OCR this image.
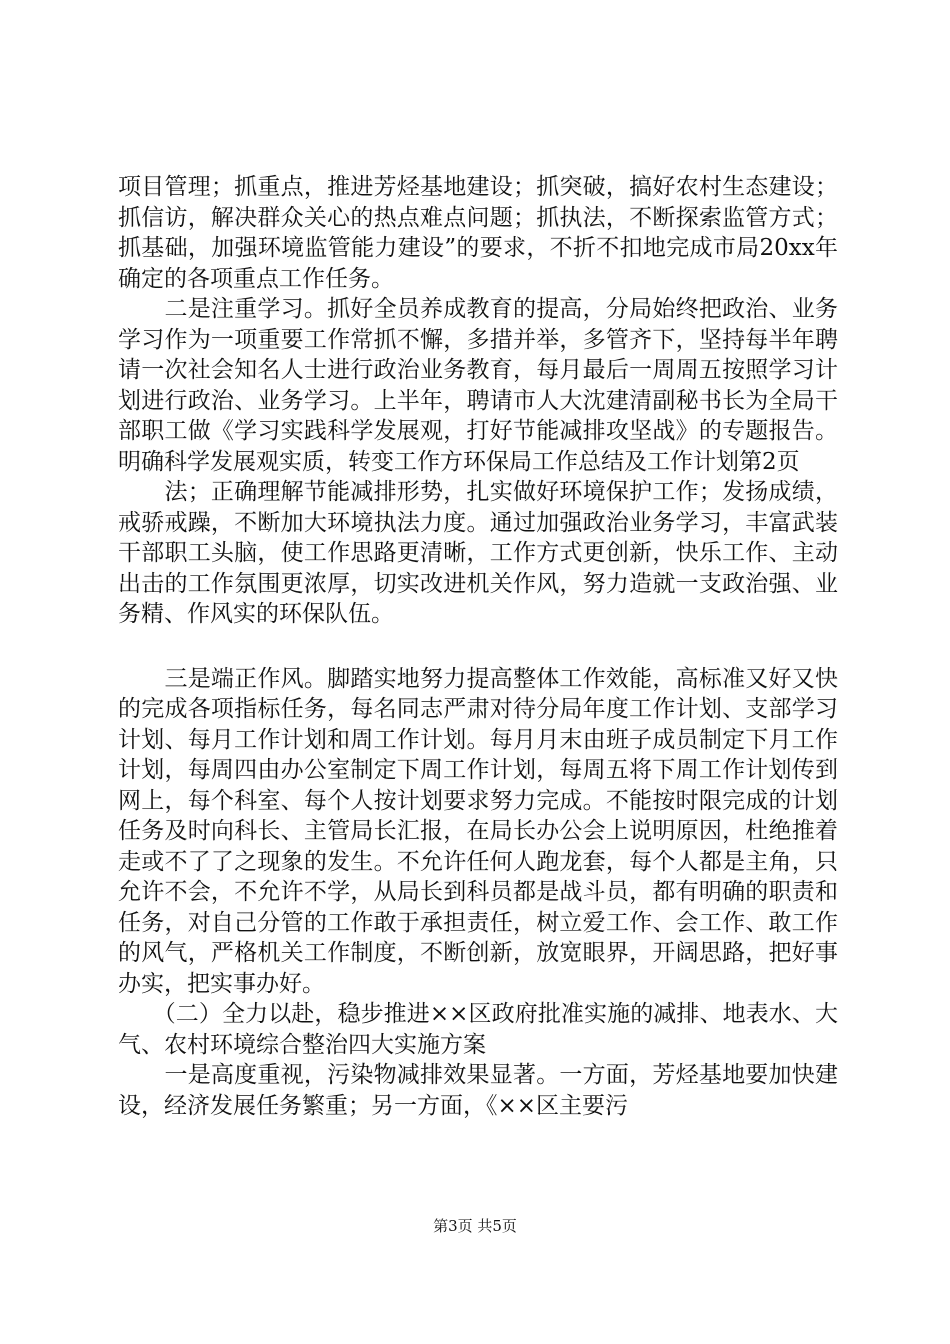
项目管理；抓重点，推进芳烃基地建设；抓突破，搞好农村生态建设；抓信访，解决群众关心的热点难点问题；抓执法，不断探索监管方式；抓基础，加强环境监管能力建设”的要求，不折不扣地完成市局20xx年确定的各项重点工作任务。

　　二是注重学习。抓好全员养成教育的提高，分局始终把政治、业务学习作为一项重要工作常抓不懈，多措并举，多管齐下，坚持每半年聘请一次社会知名人士进行政治业务教育，每月最后一周周五按照学习计划进行政治、业务学习。上半年，聘请市人大沈建清副秘书长为全局干部职工做《学习实践科学发展观，打好节能减排攻坚战》的专题报告。明确科学发展观实质，转变工作方环保局工作总结及工作计划第2页

　　法；正确理解节能减排形势，扎实做好环境保护工作；发扬成绩，戒骄戒躁，不断加大环境执法力度。通过加强政治业务学习，丰富武装干部职工头脑，使工作思路更清晰，工作方式更创新，快乐工作、主动出击的工作氛围更浓厚，切实改进机关作风，努力造就一支政治强、业务精、作风实的环保队伍。

　　三是端正作风。脚踏实地努力提高整体工作效能，高标准又好又快的完成各项指标任务，每名同志严肃对待分局年度工作计划、支部学习计划、每月工作计划和周工作计划。每月月末由班子成员制定下月工作计划，每周四由办公室制定下周工作计划，每周五将下周工作计划传到网上，每个科室、每个人按计划要求努力完成。不能按时限完成的计划任务及时向科长、主管局长汇报，在局长办公会上说明原因，杜绝推着走或不了了之现象的发生。不允许任何人跑龙套，每个人都是主角，只允许不会，不允许不学，从局长到科员都是战斗员，都有明确的职责和任务，对自己分管的工作敢于承担责任，树立爱工作、会工作、敢工作的风气，严格机关工作制度，不断创新，放宽眼界，开阔思路，把好事办实，把实事办好。

　　（二）全力以赴，稳步推进××区政府批准实施的减排、地表水、大气、农村环境综合整治四大实施方案

　　一是高度重视，污染物减排效果显著。一方面，芳烃基地要加快建设，经济发展任务繁重；另一方面，《××区主要污

第3页 共5页
